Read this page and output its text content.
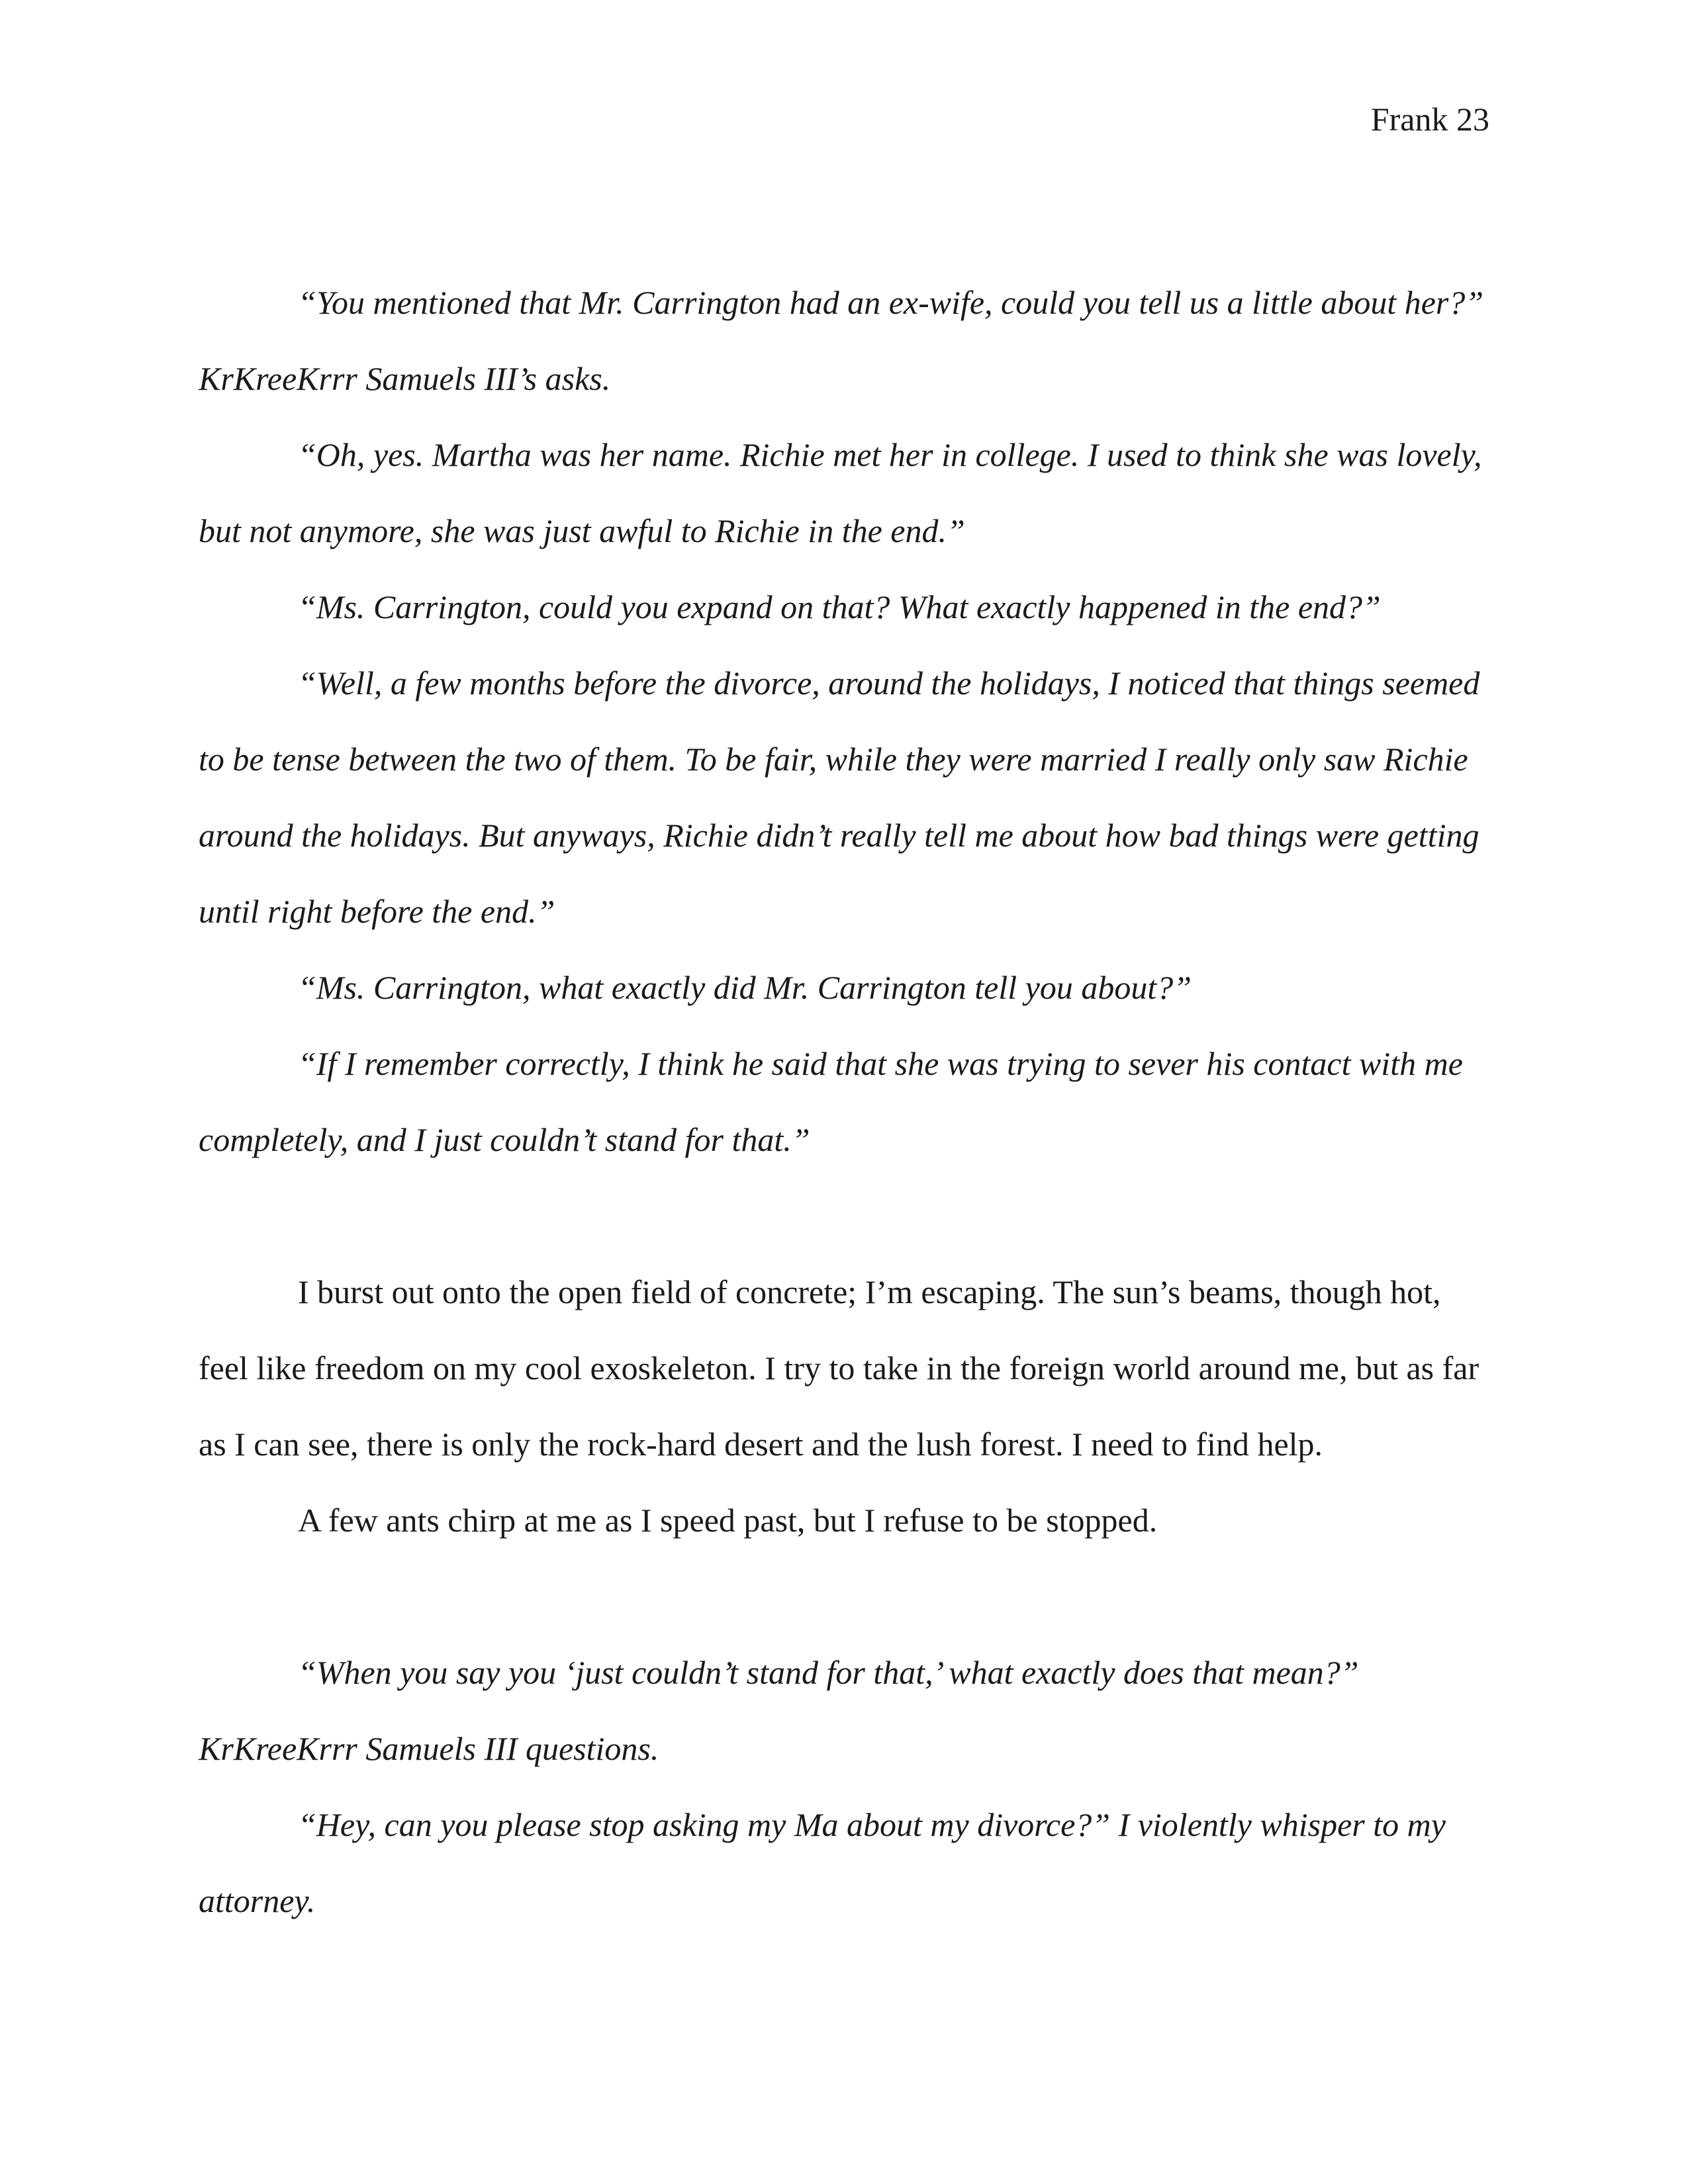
Frank 23

“You mentioned that Mr. Carrington had an ex-wife, could you tell us a little about her?” KrKreeKrrr Samuels III’s asks.

“Oh, yes. Martha was her name. Richie met her in college. I used to think she was lovely, but not anymore, she was just awful to Richie in the end.”

“Ms. Carrington, could you expand on that? What exactly happened in the end?”

“Well, a few months before the divorce, around the holidays, I noticed that things seemed to be tense between the two of them. To be fair, while they were married I really only saw Richie around the holidays. But anyways, Richie didn’t really tell me about how bad things were getting until right before the end.”

“Ms. Carrington, what exactly did Mr. Carrington tell you about?”

“If I remember correctly, I think he said that she was trying to sever his contact with me completely, and I just couldn’t stand for that.”

I burst out onto the open field of concrete; I’m escaping. The sun’s beams, though hot, feel like freedom on my cool exoskeleton. I try to take in the foreign world around me, but as far as I can see, there is only the rock-hard desert and the lush forest. I need to find help.

A few ants chirp at me as I speed past, but I refuse to be stopped.

“When you say you ‘just couldn’t stand for that,’ what exactly does that mean?” KrKreeKrrr Samuels III questions.

“Hey, can you please stop asking my Ma about my divorce?” I violently whisper to my attorney.
